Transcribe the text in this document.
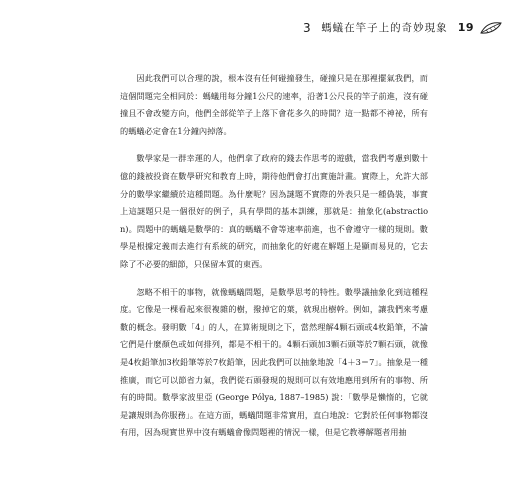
3 螞蟻在竿子上的奇妙現象 19

因此我們可以合理的說，根本沒有任何碰撞發生，碰撞只是在那裡擺氣我們，而這個問題完全相同於：螞蟻用每分鐘1公尺的速率，沿著1公尺長的竿子前進，沒有碰撞且不會改變方向，他們全部從竿子上落下會花多久的時間？這一點都不神祕，所有的螞蟻必定會在1分鐘內掉落。

數學家是一群幸運的人，他們拿了政府的錢去作思考的遊戲，當我們考慮到數十億的錢被投資在數學研究和教育上時，期待他們會打出實施計畫。實際上，允許大部分的數學家繼續於這種問題。為什麼呢？因為謎題不實際的外表只是一種偽裝，事實上這謎題只是一個很好的例子，具有學問的基本訓練，那就是：抽象化(abstraction)。問題中的螞蟻是數學的：真的螞蟻不會等速率前進，也不會遵守一樣的規則。數學是根據定義而去進行有系統的研究，而抽象化的好處在解題上是顯而易見的，它去除了不必要的細節，只保留本質的東西。

忽略不相干的事物，就像螞蟻問題，是數學思考的特性。數學議抽象化到這種程度。它像是一棵看起來很複雜的樹，撥掉它的葉，就現出樹幹。例如，讓我們來考慮數的概念。發明數「4」的人，在算術規則之下，當然理解4顆石頭或4枚鉛筆，不論它們是什麼顏色或如何排列，都是不相干的。4顆石頭加3顆石頭等於7顆石頭，就像是4枚鉛筆加3枚鉛筆等於7枚鉛筆，因此我們可以抽象地說「4＋3＝7」。抽象是一種推廣，而它可以節省力氣，我們從石頭發現的規則可以有效地應用到所有的事物、所有的時間。數學家波里亞 (George Pólya, 1887–1985) 說：「數學是懶惰的，它就是讓規則為你服務」。在這方面，螞蟻問題非常實用，直白地說：它對於任何事物都沒有用，因為現實世界中沒有螞蟻會像問題裡的情況一樣，但是它教導解題者用抽
